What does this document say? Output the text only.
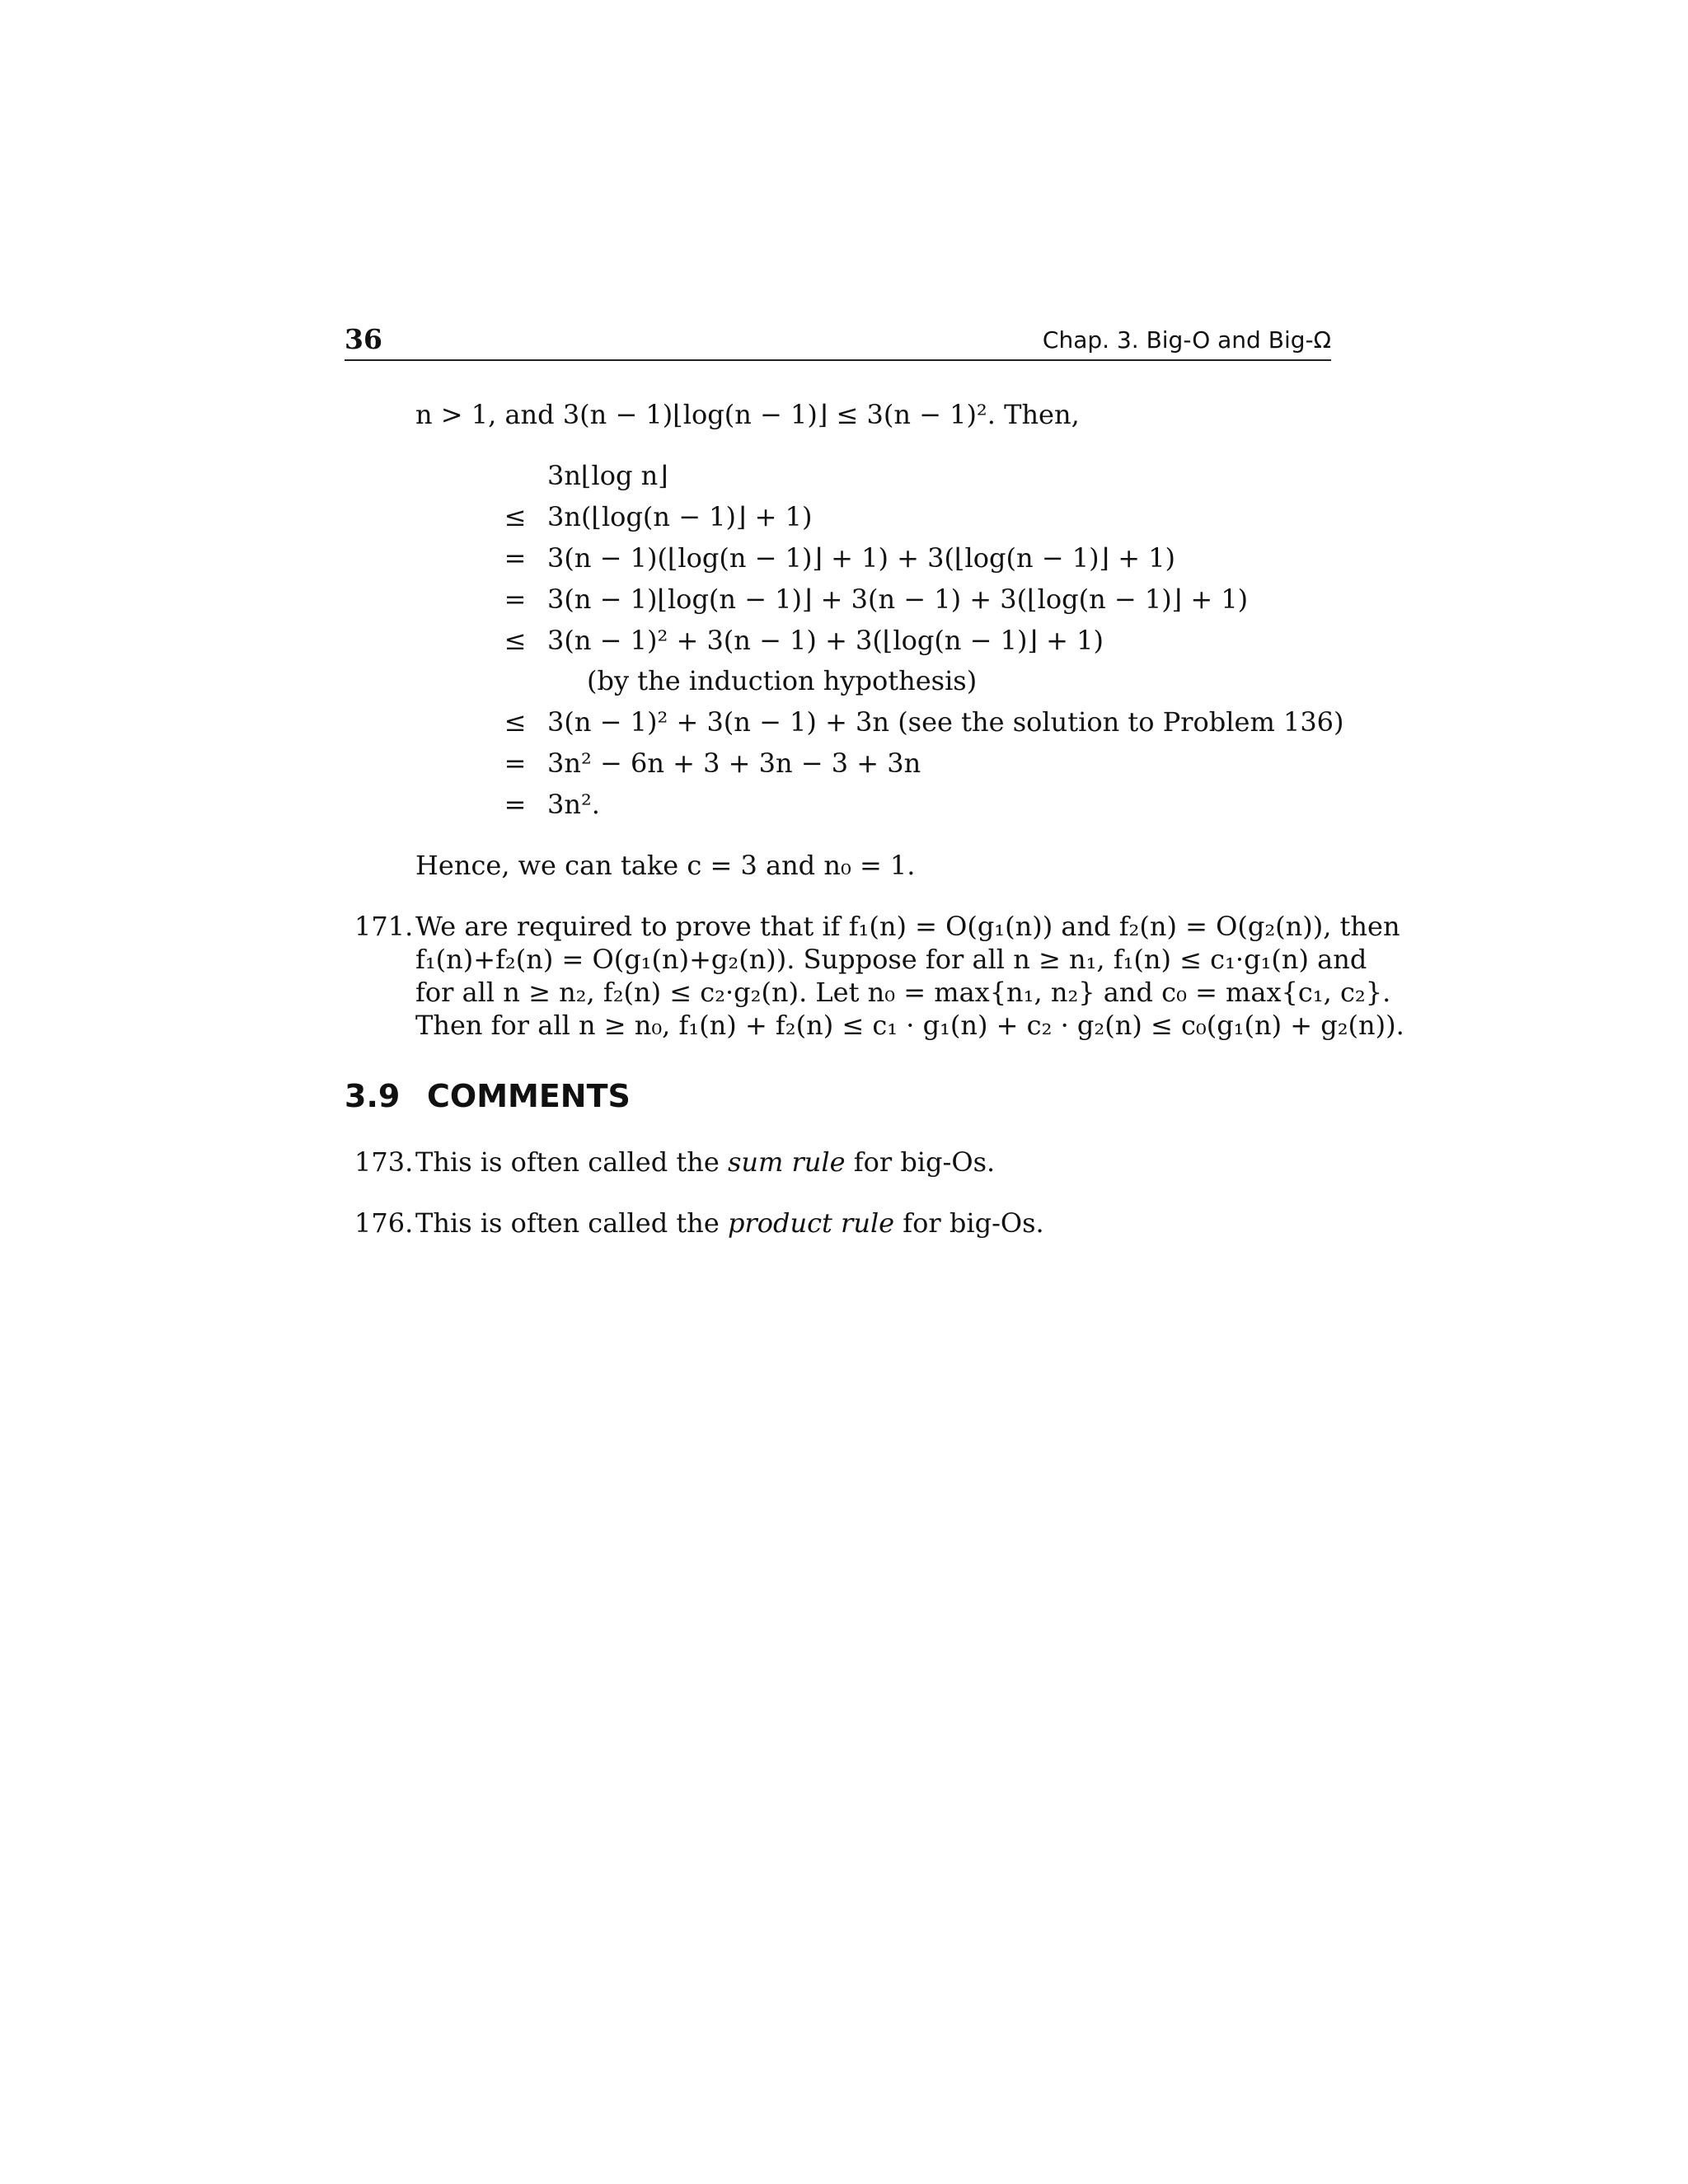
36	Chap. 3. Big-O and Big-Ω
n > 1, and 3(n − 1)⌊log(n − 1)⌋ ≤ 3(n − 1)². Then,
3n⌊log n⌋
≤ 3n(⌊log(n − 1)⌋ + 1)
= 3(n − 1)(⌊log(n − 1)⌋ + 1) + 3(⌊log(n − 1)⌋ + 1)
= 3(n − 1)⌊log(n − 1)⌋ + 3(n − 1) + 3(⌊log(n − 1)⌋ + 1)
≤ 3(n − 1)² + 3(n − 1) + 3(⌊log(n − 1)⌋ + 1)
(by the induction hypothesis)
≤ 3(n − 1)² + 3(n − 1) + 3n (see the solution to Problem 136)
= 3n² − 6n + 3 + 3n − 3 + 3n
= 3n².
Hence, we can take c = 3 and n₀ = 1.
171. We are required to prove that if f₁(n) = O(g₁(n)) and f₂(n) = O(g₂(n)), then
f₁(n)+f₂(n) = O(g₁(n)+g₂(n)). Suppose for all n ≥ n₁, f₁(n) ≤ c₁·g₁(n) and
for all n ≥ n₂, f₂(n) ≤ c₂·g₂(n). Let n₀ = max{n₁, n₂} and c₀ = max{c₁, c₂}.
Then for all n ≥ n₀, f₁(n) + f₂(n) ≤ c₁ · g₁(n) + c₂ · g₂(n) ≤ c₀(g₁(n) + g₂(n)).
3.9 COMMENTS
173. This is often called the sum rule for big-Os.
176. This is often called the product rule for big-Os.
